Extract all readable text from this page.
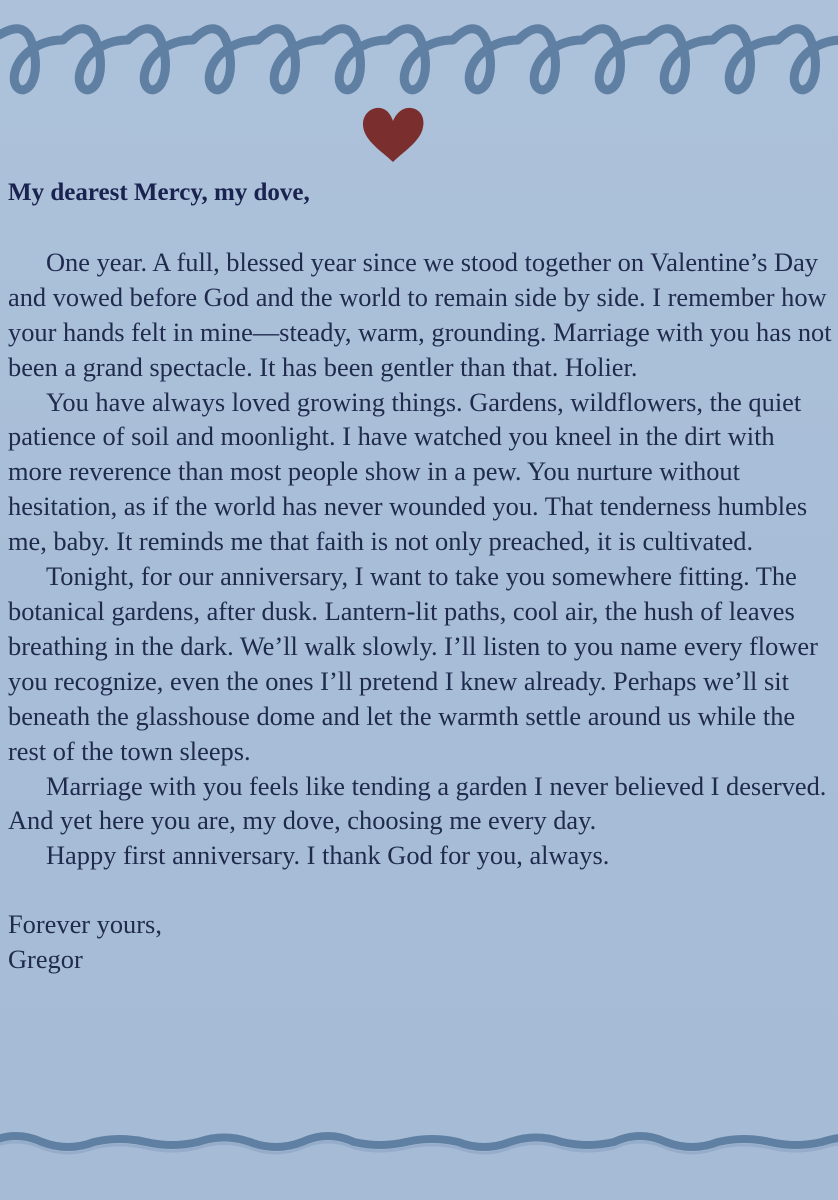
My dearest Mercy, my dove,

One year. A full, blessed year since we stood together on Valentine’s Day and vowed before God and the world to remain side by side. I remember how your hands felt in mine—steady, warm, grounding. Marriage with you has not been a grand spectacle. It has been gentler than that. Holier.

You have always loved growing things. Gardens, wildflowers, the quiet patience of soil and moonlight. I have watched you kneel in the dirt with more reverence than most people show in a pew. You nurture without hesitation, as if the world has never wounded you. That tenderness humbles me, baby. It reminds me that faith is not only preached, it is cultivated.

Tonight, for our anniversary, I want to take you somewhere fitting. The botanical gardens, after dusk. Lantern-lit paths, cool air, the hush of leaves breathing in the dark. We’ll walk slowly. I’ll listen to you name every flower you recognize, even the ones I’ll pretend I knew already. Perhaps we’ll sit beneath the glasshouse dome and let the warmth settle around us while the rest of the town sleeps.

Marriage with you feels like tending a garden I never believed I deserved. And yet here you are, my dove, choosing me every day.

Happy first anniversary. I thank God for you, always.

Forever yours,
Gregor
